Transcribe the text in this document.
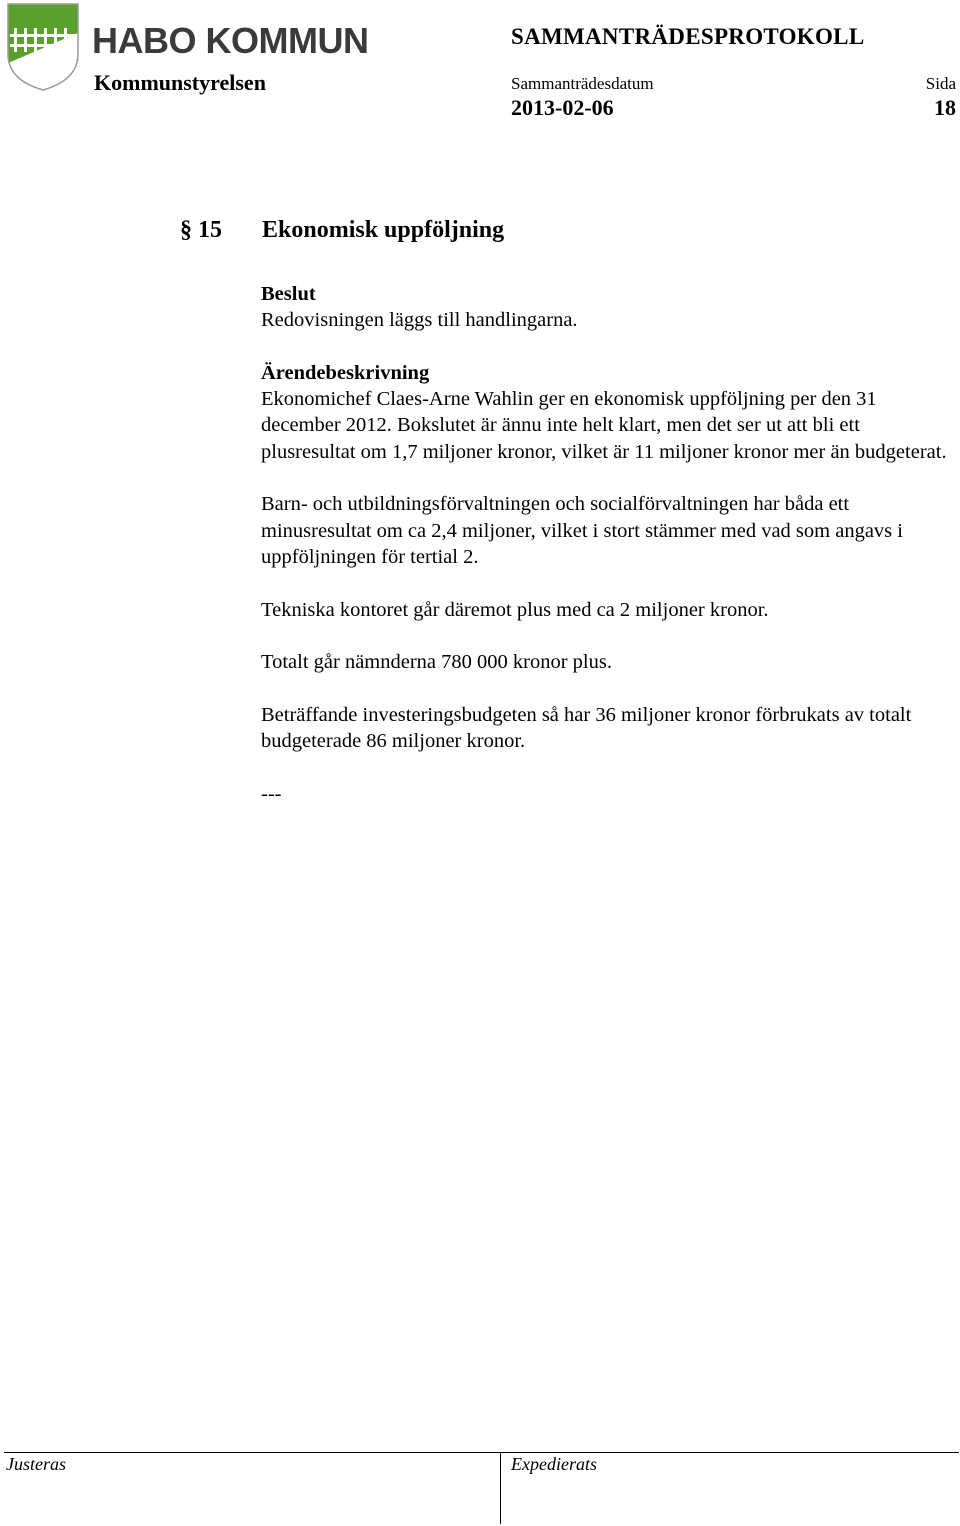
HABO KOMMUN
Kommunstyrelsen
SAMMANTRÄDESPROTOKOLL
Sammanträdesdatum
2013-02-06
Sida
18
§ 15 Ekonomisk uppföljning
Beslut

Redovisningen läggs till handlingarna.

Ärendebeskrivning

Ekonomichef Claes-Arne Wahlin ger en ekonomisk uppföljning per den 31 december 2012. Bokslutet är ännu inte helt klart, men det ser ut att bli ett plusresultat om 1,7 miljoner kronor, vilket är 11 miljoner kronor mer än budgeterat.

Barn- och utbildningsförvaltningen och socialförvaltningen har båda ett minusresultat om ca 2,4 miljoner, vilket i stort stämmer med vad som angavs i uppföljningen för tertial 2.

Tekniska kontoret går däremot plus med ca 2 miljoner kronor.

Totalt går nämnderna 780 000 kronor plus.

Beträffande investeringsbudgeten så har 36 miljoner kronor förbrukats av totalt budgeterade 86 miljoner kronor.

---

Justeras	Expedierats
